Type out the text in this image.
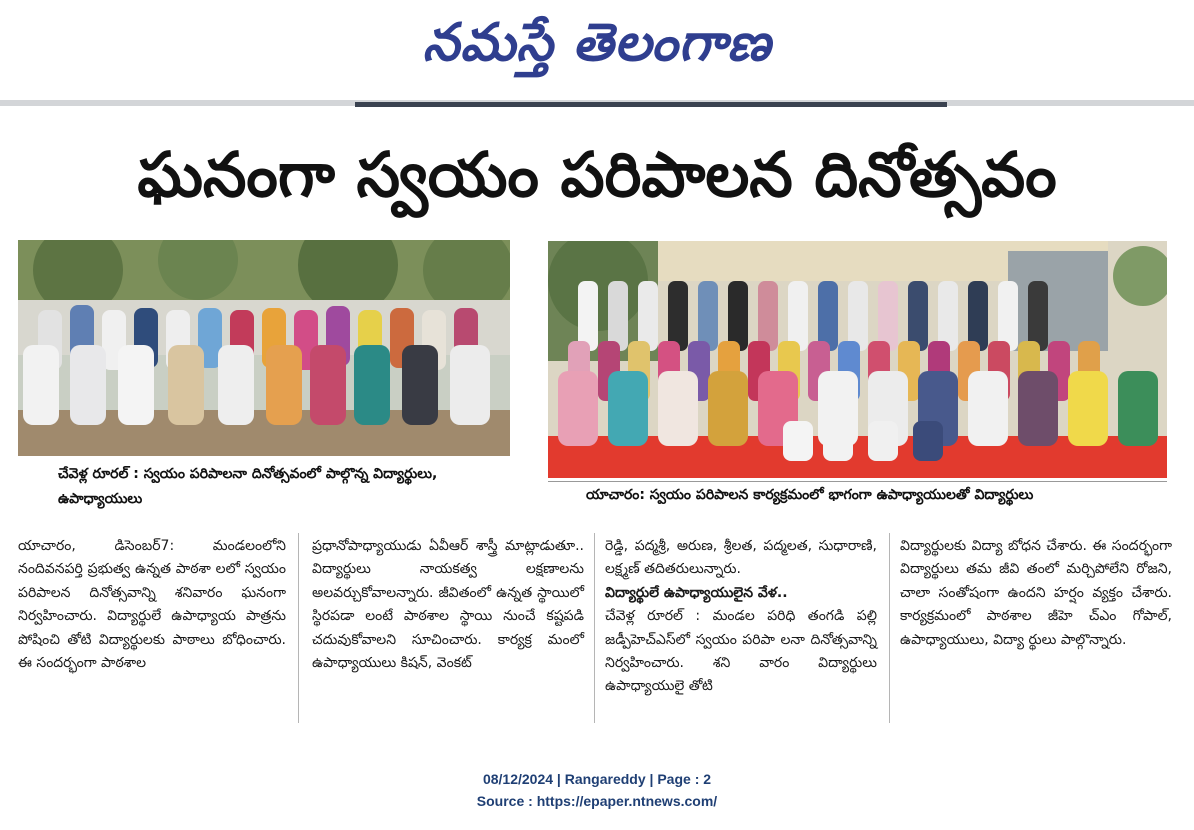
నమస్తే తెలంగాణ
ఘనంగా స్వయం పరిపాలన దినోత్సవం
చేవెళ్ల రూరల్ : స్వయం పరిపాలనా దినోత్సవంలో పాల్గొన్న విద్యార్థులు, ఉపాధ్యాయులు	యాచారం: స్వయం పరిపాలన కార్యక్రమంలో భాగంగా ఉపాధ్యాయులతో విద్యార్థులు
యాచారం, డిసెంబర్‌7: మండలంలోని నందివనపర్తి ప్రభుత్వ ఉన్నత పాఠశా లలో స్వయం పరిపాలన దినోత్సవాన్ని శనివారం ఘనంగా నిర్వహించారు. విద్యార్థులే ఉపాధ్యాయ పాత్రను పోషించి తోటి విద్యార్థులకు పాఠాలు బోధించారు. ఈ సందర్భంగా పాఠశాల
ప్రధానోపాధ్యాయుడు ఏవీఆర్‌ శాస్త్రీ మాట్లాడుతూ.. విద్యార్థులు నాయకత్వ లక్షణాలను అలవర్చుకోవాలన్నారు. జీవితంలో ఉన్నత స్థాయిలో స్థిరపడా లంటే పాఠశాల స్థాయి నుంచే కష్టపడి చదువుకోవాలని సూచించారు. కార్యక్ర మంలో ఉపాధ్యాయులు కిషన్‌, వెంకట్‌
రెడ్డి, పద్మశ్రీ, అరుణ, శ్రీలత, పద్మలత, సుధారాణి, లక్ష్మణ్‌ తదితరులున్నారు.
విద్యార్థులే ఉపాధ్యాయులైన వేళ..
చేవెళ్ల రూరల్‌ : మండల పరిధి తంగడి పల్లి జడ్పీహెచ్‌ఎస్‌లో స్వయం పరిపా లనా దినోత్సవాన్ని నిర్వహించారు. శని వారం విద్యార్థులు ఉపాధ్యాయులై తోటి
విద్యార్థులకు విద్యా బోధన చేశారు. ఈ సందర్భంగా విద్యార్థులు తమ జీవి తంలో మర్చిపోలేని రోజని, చాలా సంతోషంగా ఉందని హర్షం వ్యక్తం చేశారు. కార్యక్రమంలో పాఠశాల జీహె చ్‌ఎం గోపాల్‌, ఉపాధ్యాయులు, విద్యా ర్థులు పాల్గొన్నారు.
08/12/2024 | Rangareddy | Page : 2
Source : https://epaper.ntnews.com/
